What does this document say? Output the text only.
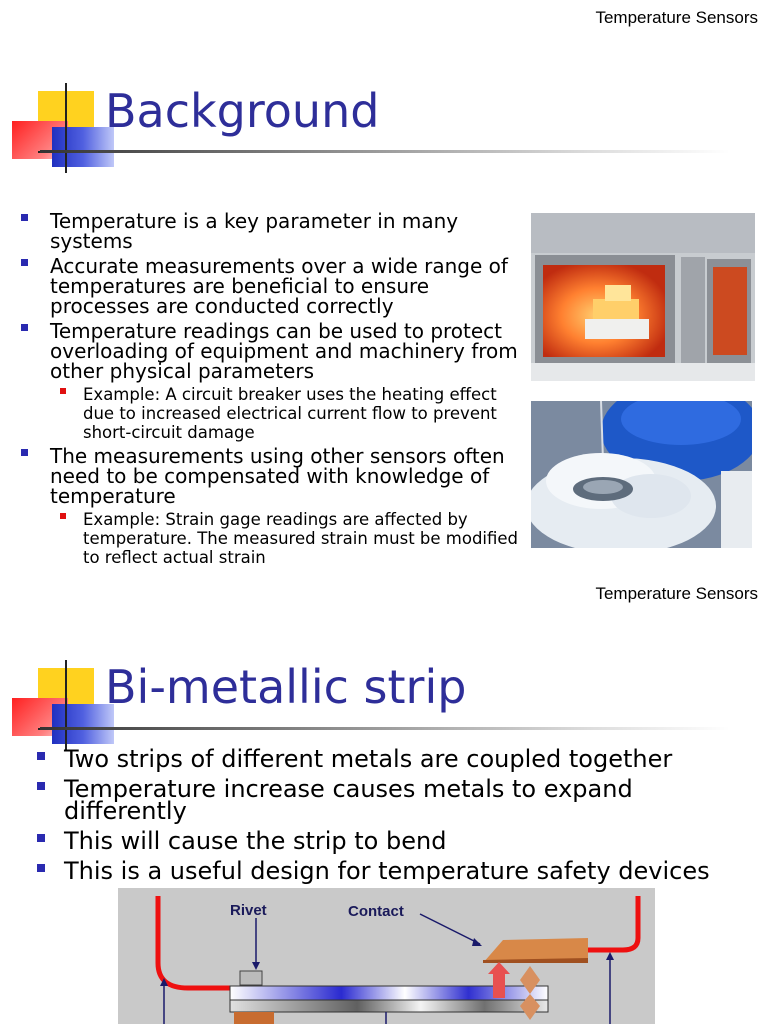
Temperature Sensors
Background
Temperature is a key parameter in many systems
Accurate measurements over a wide range of temperatures are beneficial to ensure processes are conducted correctly
Temperature readings can be used to protect overloading of equipment and machinery from other physical parameters
Example: A circuit breaker uses the heating effect due to increased electrical current flow to prevent short-circuit damage
The measurements using other sensors often need to be compensated with knowledge of temperature
Example: Strain gage readings are affected by temperature. The measured strain must be modified to reflect actual strain
Temperature Sensors
Bi-metallic strip
Two strips of different metals are coupled together
Temperature increase causes metals to expand differently
This will cause the strip to bend
This is a useful design for temperature safety devices
Rivet	Contact
